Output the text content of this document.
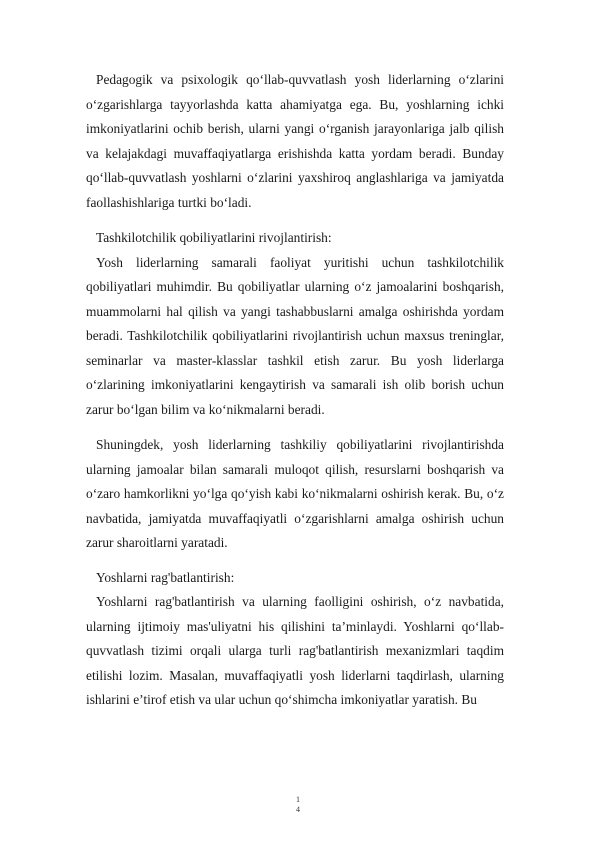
Pedagogik va psixologik qo‘llab-quvvatlash yosh liderlarning o‘zlarini o‘zgarishlarga tayyorlashda katta ahamiyatga ega. Bu, yoshlarning ichki imkoniyatlarini ochib berish, ularni yangi o‘rganish jarayonlariga jalb qilish va kelajakdagi muvaffaqiyatlarga erishishda katta yordam beradi. Bunday qo‘llab-quvvatlash yoshlarni o‘zlarini yaxshiroq anglashlariga va jamiyatda faollashishlariga turtki bo‘ladi.

Tashkilotchilik qobiliyatlarini rivojlantirish:

Yosh liderlarning samarali faoliyat yuritishi uchun tashkilotchilik qobiliyatlari muhimdir. Bu qobiliyatlar ularning o‘z jamoalarini boshqarish, muammolarni hal qilish va yangi tashabbuslarni amalga oshirishda yordam beradi. Tashkilotchilik qobiliyatlarini rivojlantirish uchun maxsus treninglar, seminarlar va master-klasslar tashkil etish zarur. Bu yosh liderlarga o‘zlarining imkoniyatlarini kengaytirish va samarali ish olib borish uchun zarur bo‘lgan bilim va ko‘nikmalarni beradi.

Shuningdek, yosh liderlarning tashkiliy qobiliyatlarini rivojlantirishda ularning jamoalar bilan samarali muloqot qilish, resurslarni boshqarish va o‘zaro hamkorlikni yo‘lga qo‘yish kabi ko‘nikmalarni oshirish kerak. Bu, o‘z navbatida, jamiyatda muvaffaqiyatli o‘zgarishlarni amalga oshirish uchun zarur sharoitlarni yaratadi.

Yoshlarni rag'batlantirish:

Yoshlarni rag'batlantirish va ularning faolligini oshirish, o‘z navbatida, ularning ijtimoiy mas'uliyatni his qilishini ta’minlaydi. Yoshlarni qo‘llab-quvvatlash tizimi orqali ularga turli rag'batlantirish mexanizmlari taqdim etilishi lozim. Masalan, muvaffaqiyatli yosh liderlarni taqdirlash, ularning ishlarini e’tirof etish va ular uchun qo‘shimcha imkoniyatlar yaratish. Bu

1
4
